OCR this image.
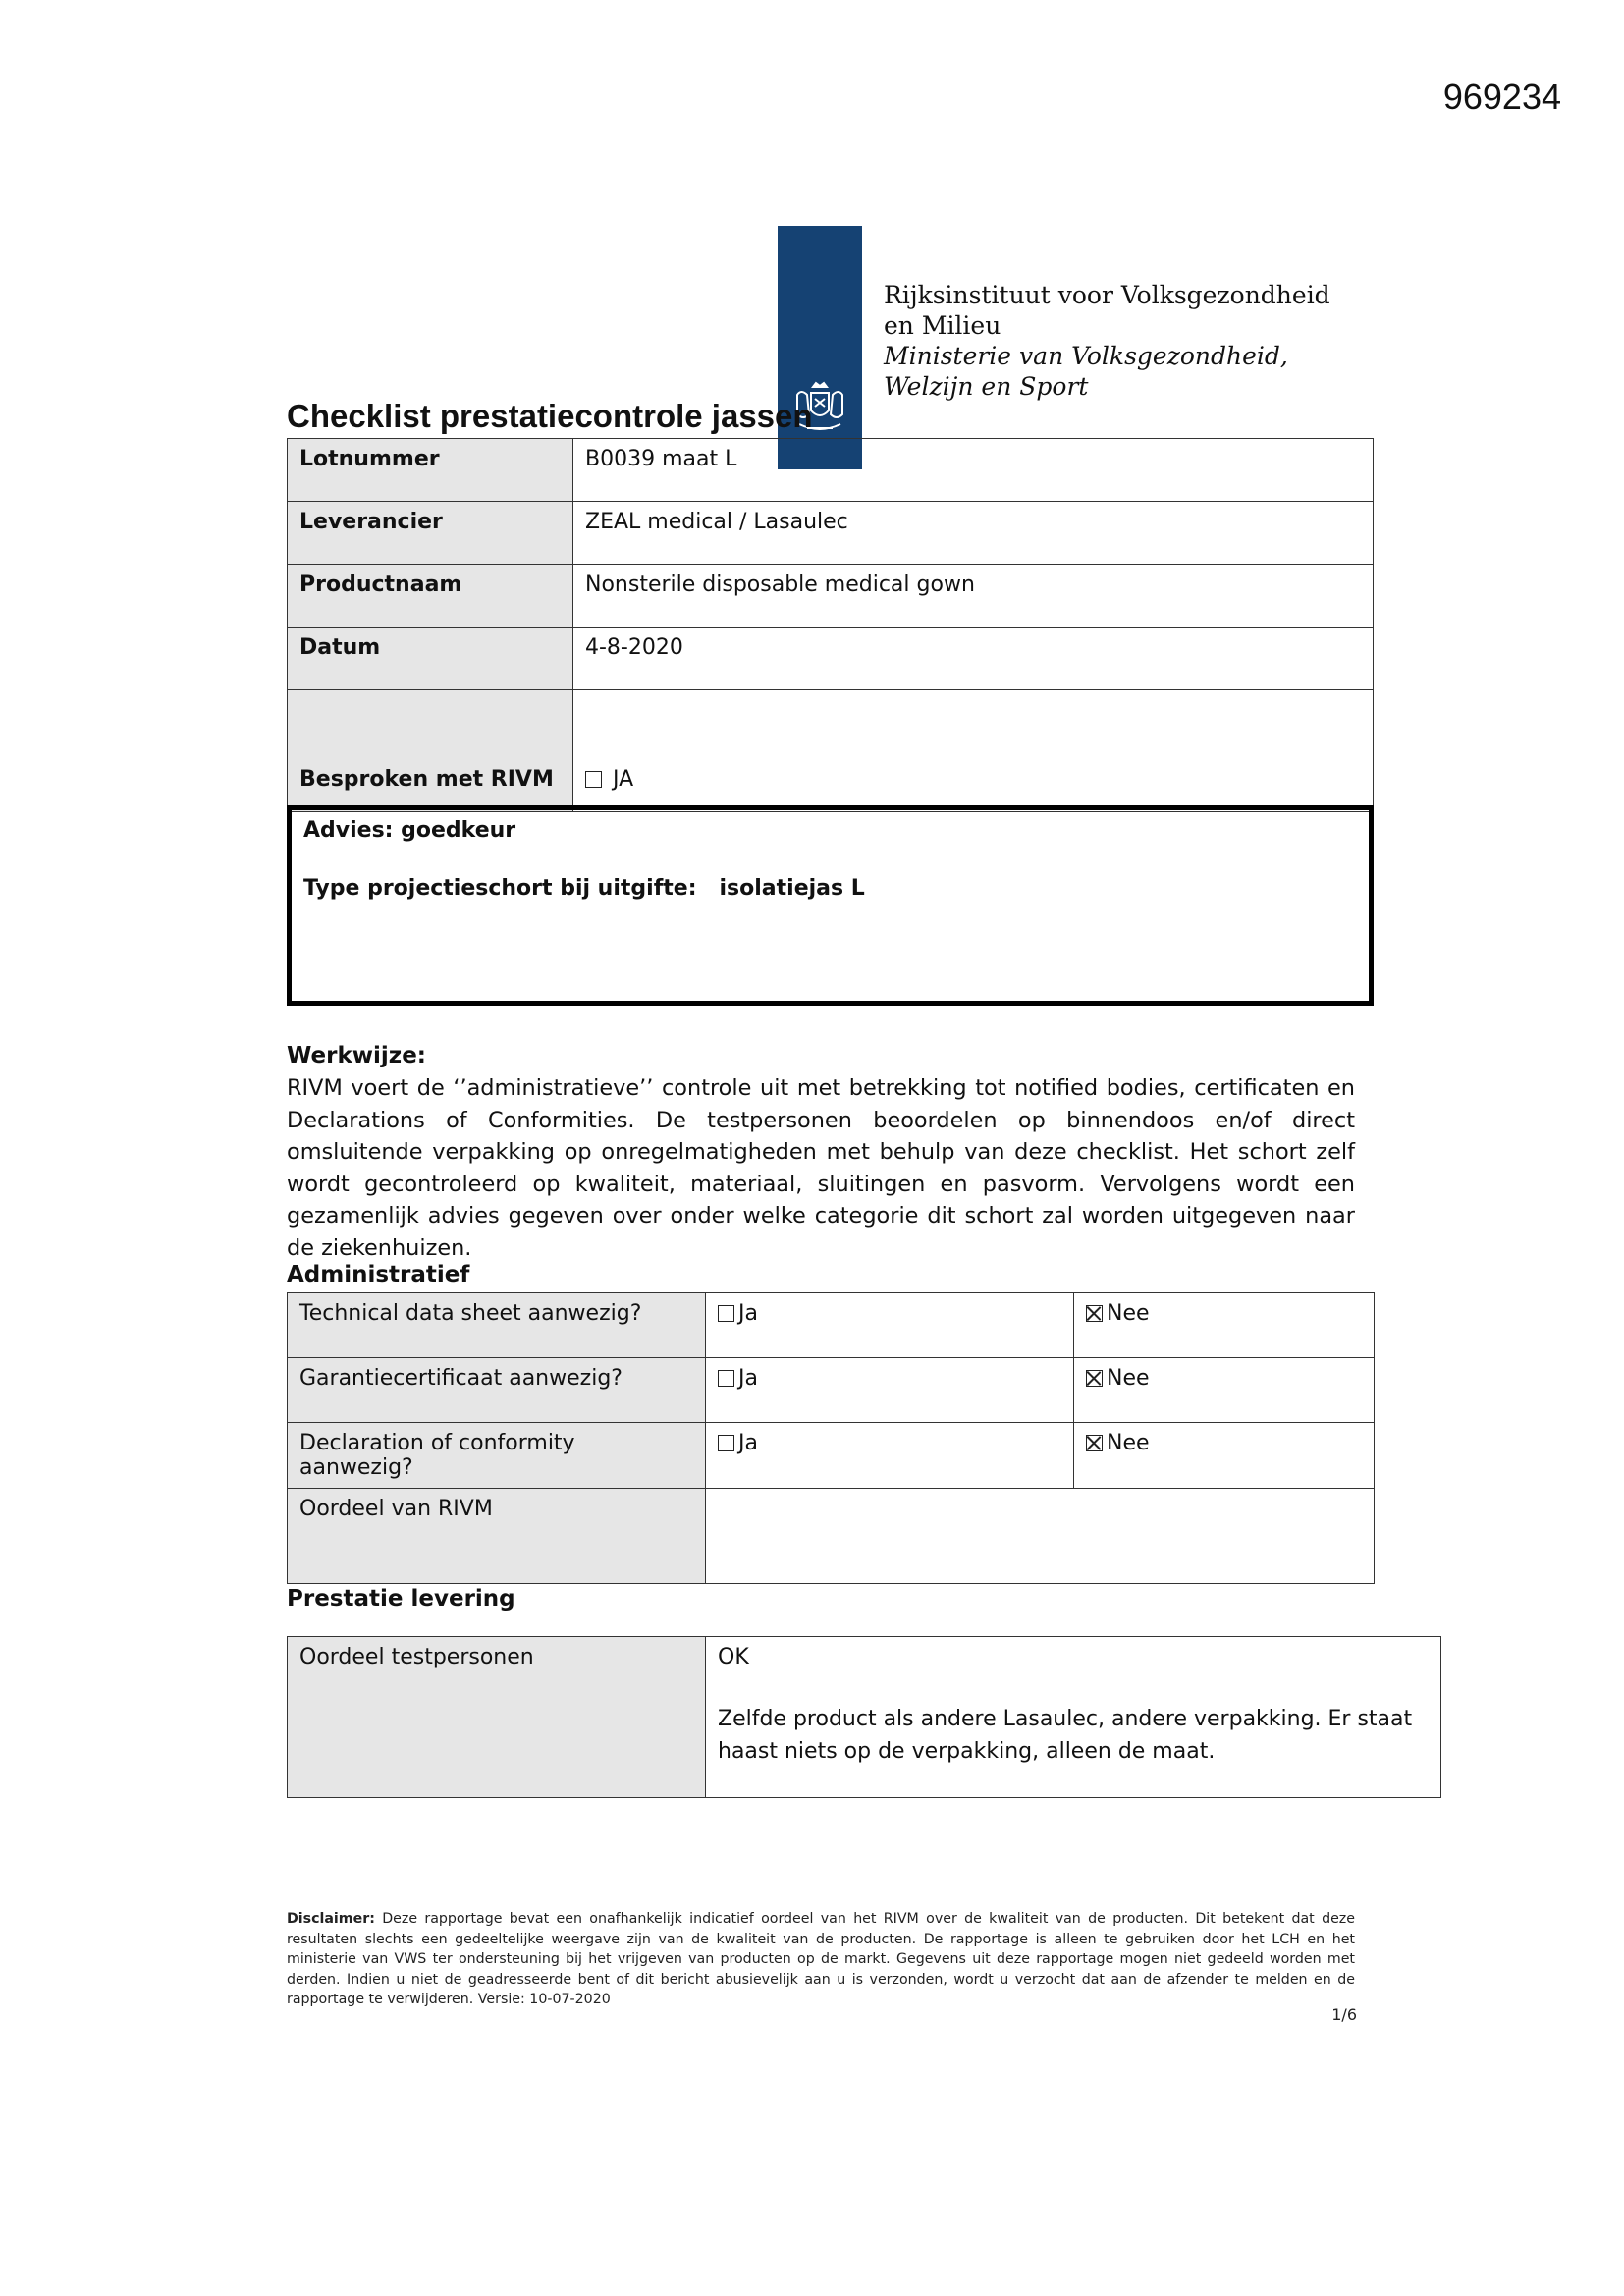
969234
Rijksinstituut voor Volksgezondheid
en Milieu
Ministerie van Volksgezondheid,
Welzijn en Sport
Checklist prestatiecontrole jassen
Lotnummer	B0039 maat L
Leverancier	ZEAL medical / Lasaulec
Productnaam	Nonsterile disposable medical gown
Datum	4-8-2020
Besproken met RIVM	JA
Advies: goedkeur
Type projectieschort bij uitgifte: isolatiejas L
Werkwijze:
RIVM voert de ‘’administratieve’’ controle uit met betrekking tot notified bodies, certificaten en Declarations of Conformities. De testpersonen beoordelen op binnendoos en/of direct omsluitende verpakking op onregelmatigheden met behulp van deze checklist. Het schort zelf wordt gecontroleerd op kwaliteit, materiaal, sluitingen en pasvorm. Vervolgens wordt een gezamenlijk advies gegeven over onder welke categorie dit schort zal worden uitgegeven naar de ziekenhuizen.
Administratief
Technical data sheet aanwezig?	Ja	Nee
Garantiecertificaat aanwezig?	Ja	Nee
Declaration of conformity aanwezig?	Ja	Nee
Oordeel van RIVM		
Prestatie levering
Oordeel testpersonen	OK
Zelfde product als andere Lasaulec, andere verpakking. Er staat haast niets op de verpakking, alleen de maat.
Disclaimer: Deze rapportage bevat een onafhankelijk indicatief oordeel van het RIVM over de kwaliteit van de producten. Dit betekent dat deze resultaten slechts een gedeeltelijke weergave zijn van de kwaliteit van de producten. De rapportage is alleen te gebruiken door het LCH en het ministerie van VWS ter ondersteuning bij het vrijgeven van producten op de markt. Gegevens uit deze rapportage mogen niet gedeeld worden met derden. Indien u niet de geadresseerde bent of dit bericht abusievelijk aan u is verzonden, wordt u verzocht dat aan de afzender te melden en de rapportage te verwijderen. Versie: 10-07-2020
1/6
